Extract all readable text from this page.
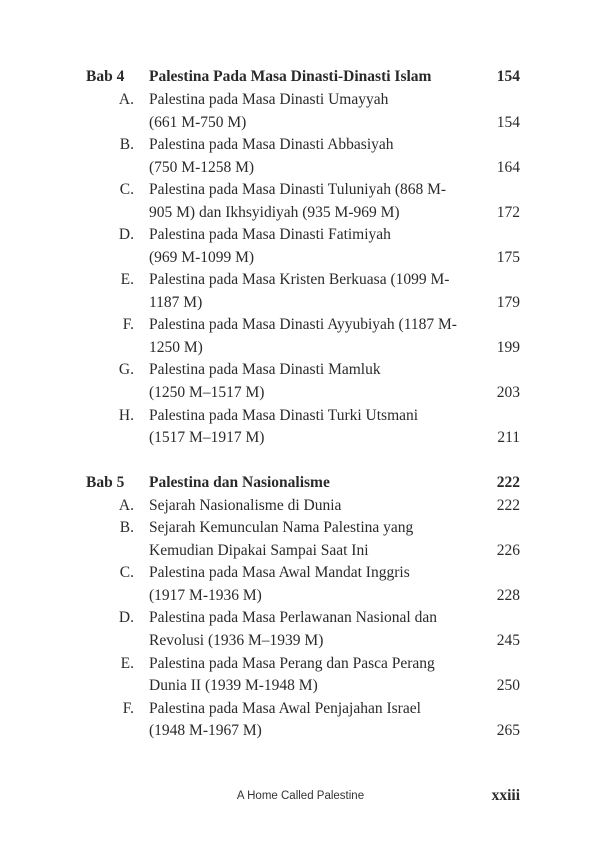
Bab 4 Palestina Pada Masa Dinasti-Dinasti Islam	154
A. Palestina pada Masa Dinasti Umayyah
(661 M-750 M)	154
B. Palestina pada Masa Dinasti Abbasiyah
(750 M-1258 M)	164
C. Palestina pada Masa Dinasti Tuluniyah (868 M-
905 M) dan Ikhsyidiyah (935 M-969 M)	172
D. Palestina pada Masa Dinasti Fatimiyah
(969 M-1099 M)	175
E. Palestina pada Masa Kristen Berkuasa (1099 M-
1187 M)	179
F. Palestina pada Masa Dinasti Ayyubiyah (1187 M-
1250 M)	199
G. Palestina pada Masa Dinasti Mamluk
(1250 M–1517 M)	203
H. Palestina pada Masa Dinasti Turki Utsmani
(1517 M–1917 M)	211
Bab 5 Palestina dan Nasionalisme	222
A. Sejarah Nasionalisme di Dunia	222
B. Sejarah Kemunculan Nama Palestina yang
Kemudian Dipakai Sampai Saat Ini	226
C. Palestina pada Masa Awal Mandat Inggris
(1917 M-1936 M)	228
D. Palestina pada Masa Perlawanan Nasional dan
Revolusi (1936 M–1939 M)	245
E. Palestina pada Masa Perang dan Pasca Perang
Dunia II (1939 M-1948 M)	250
F. Palestina pada Masa Awal Penjajahan Israel
(1948 M-1967 M)	265
A Home Called Palestine	xxiii
